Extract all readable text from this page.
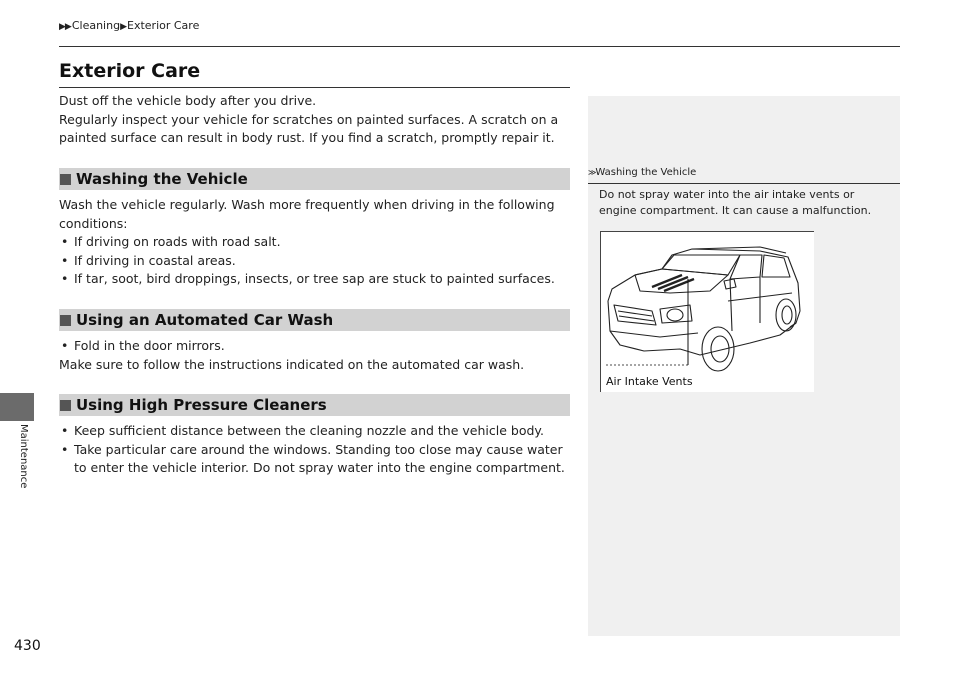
▶▶Cleaning▶Exterior Care
Exterior Care
Dust off the vehicle body after you drive.
Regularly inspect your vehicle for scratches on painted surfaces. A scratch on a painted surface can result in body rust. If you find a scratch, promptly repair it.
Washing the Vehicle
Wash the vehicle regularly. Wash more frequently when driving in the following conditions:
• If driving on roads with road salt.
• If driving in coastal areas.
• If tar, soot, bird droppings, insects, or tree sap are stuck to painted surfaces.
Using an Automated Car Wash
• Fold in the door mirrors.
Make sure to follow the instructions indicated on the automated car wash.
Using High Pressure Cleaners
• Keep sufficient distance between the cleaning nozzle and the vehicle body.
• Take particular care around the windows. Standing too close may cause water to enter the vehicle interior. Do not spray water into the engine compartment.
≫Washing the Vehicle
Do not spray water into the air intake vents or engine compartment. It can cause a malfunction.
Air Intake Vents
Maintenance
430
